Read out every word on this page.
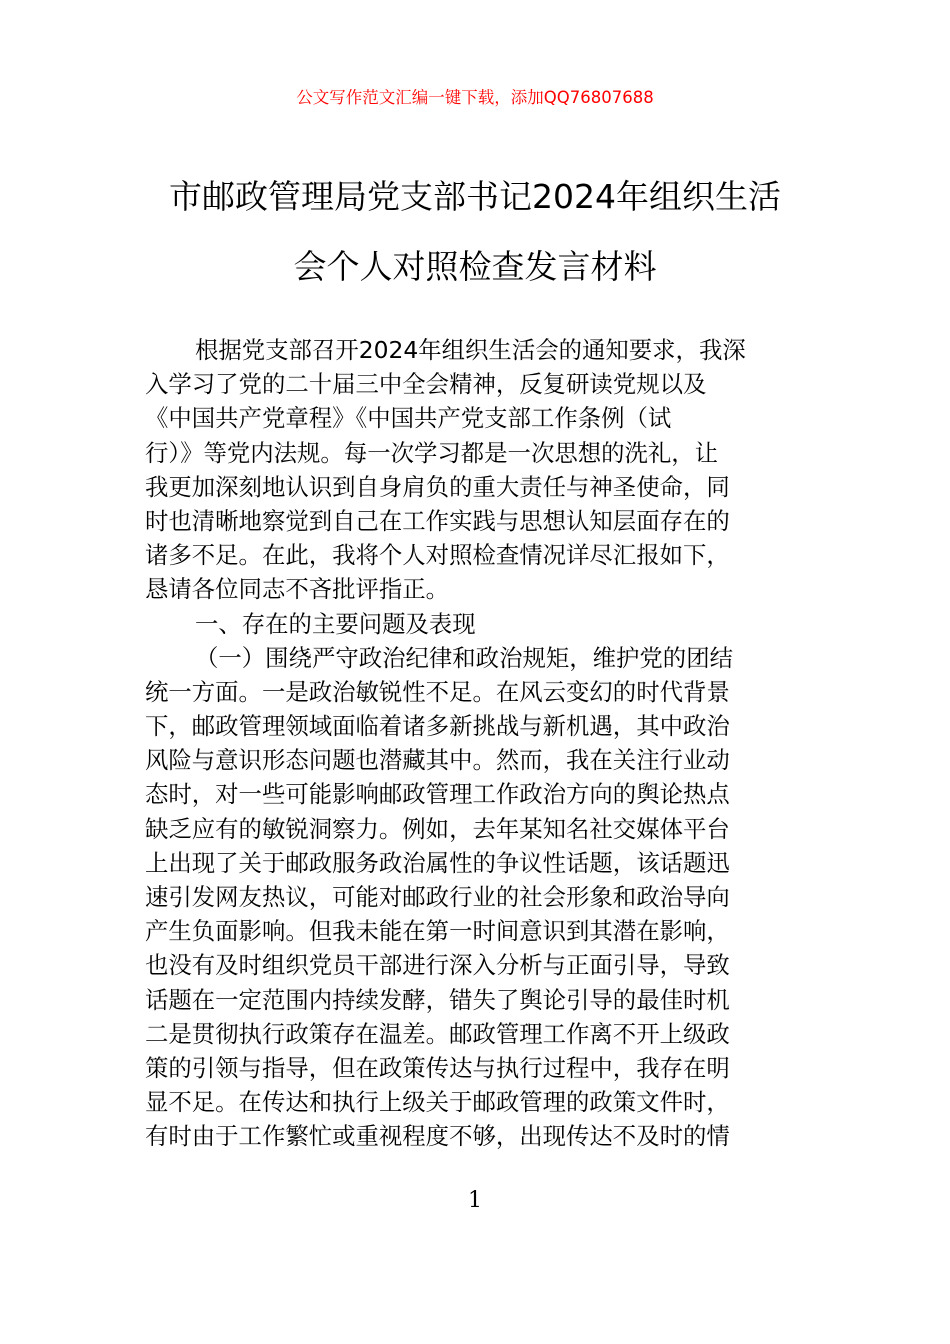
公文写作范文汇编一键下载，添加QQ76807688
市邮政管理局党支部书记2024年组织生活
会个人对照检查发言材料
根据党支部召开2024年组织生活会的通知要求，我深
入学习了党的二十届三中全会精神，反复研读党规以及
《中国共产党章程》《中国共产党支部工作条例（试
行）》等党内法规。每一次学习都是一次思想的洗礼，让
我更加深刻地认识到自身肩负的重大责任与神圣使命，同
时也清晰地察觉到自己在工作实践与思想认知层面存在的
诸多不足。在此，我将个人对照检查情况详尽汇报如下，
恳请各位同志不吝批评指正。
一、存在的主要问题及表现
（一）围绕严守政治纪律和政治规矩，维护党的团结
统一方面。一是政治敏锐性不足。在风云变幻的时代背景
下，邮政管理领域面临着诸多新挑战与新机遇，其中政治
风险与意识形态问题也潜藏其中。然而，我在关注行业动
态时，对一些可能影响邮政管理工作政治方向的舆论热点
缺乏应有的敏锐洞察力。例如，去年某知名社交媒体平台
上出现了关于邮政服务政治属性的争议性话题，该话题迅
速引发网友热议，可能对邮政行业的社会形象和政治导向
产生负面影响。但我未能在第一时间意识到其潜在影响，
也没有及时组织党员干部进行深入分析与正面引导，导致
话题在一定范围内持续发酵，错失了舆论引导的最佳时机
二是贯彻执行政策存在温差。邮政管理工作离不开上级政
策的引领与指导，但在政策传达与执行过程中，我存在明
显不足。在传达和执行上级关于邮政管理的政策文件时，
有时由于工作繁忙或重视程度不够，出现传达不及时的情
1
